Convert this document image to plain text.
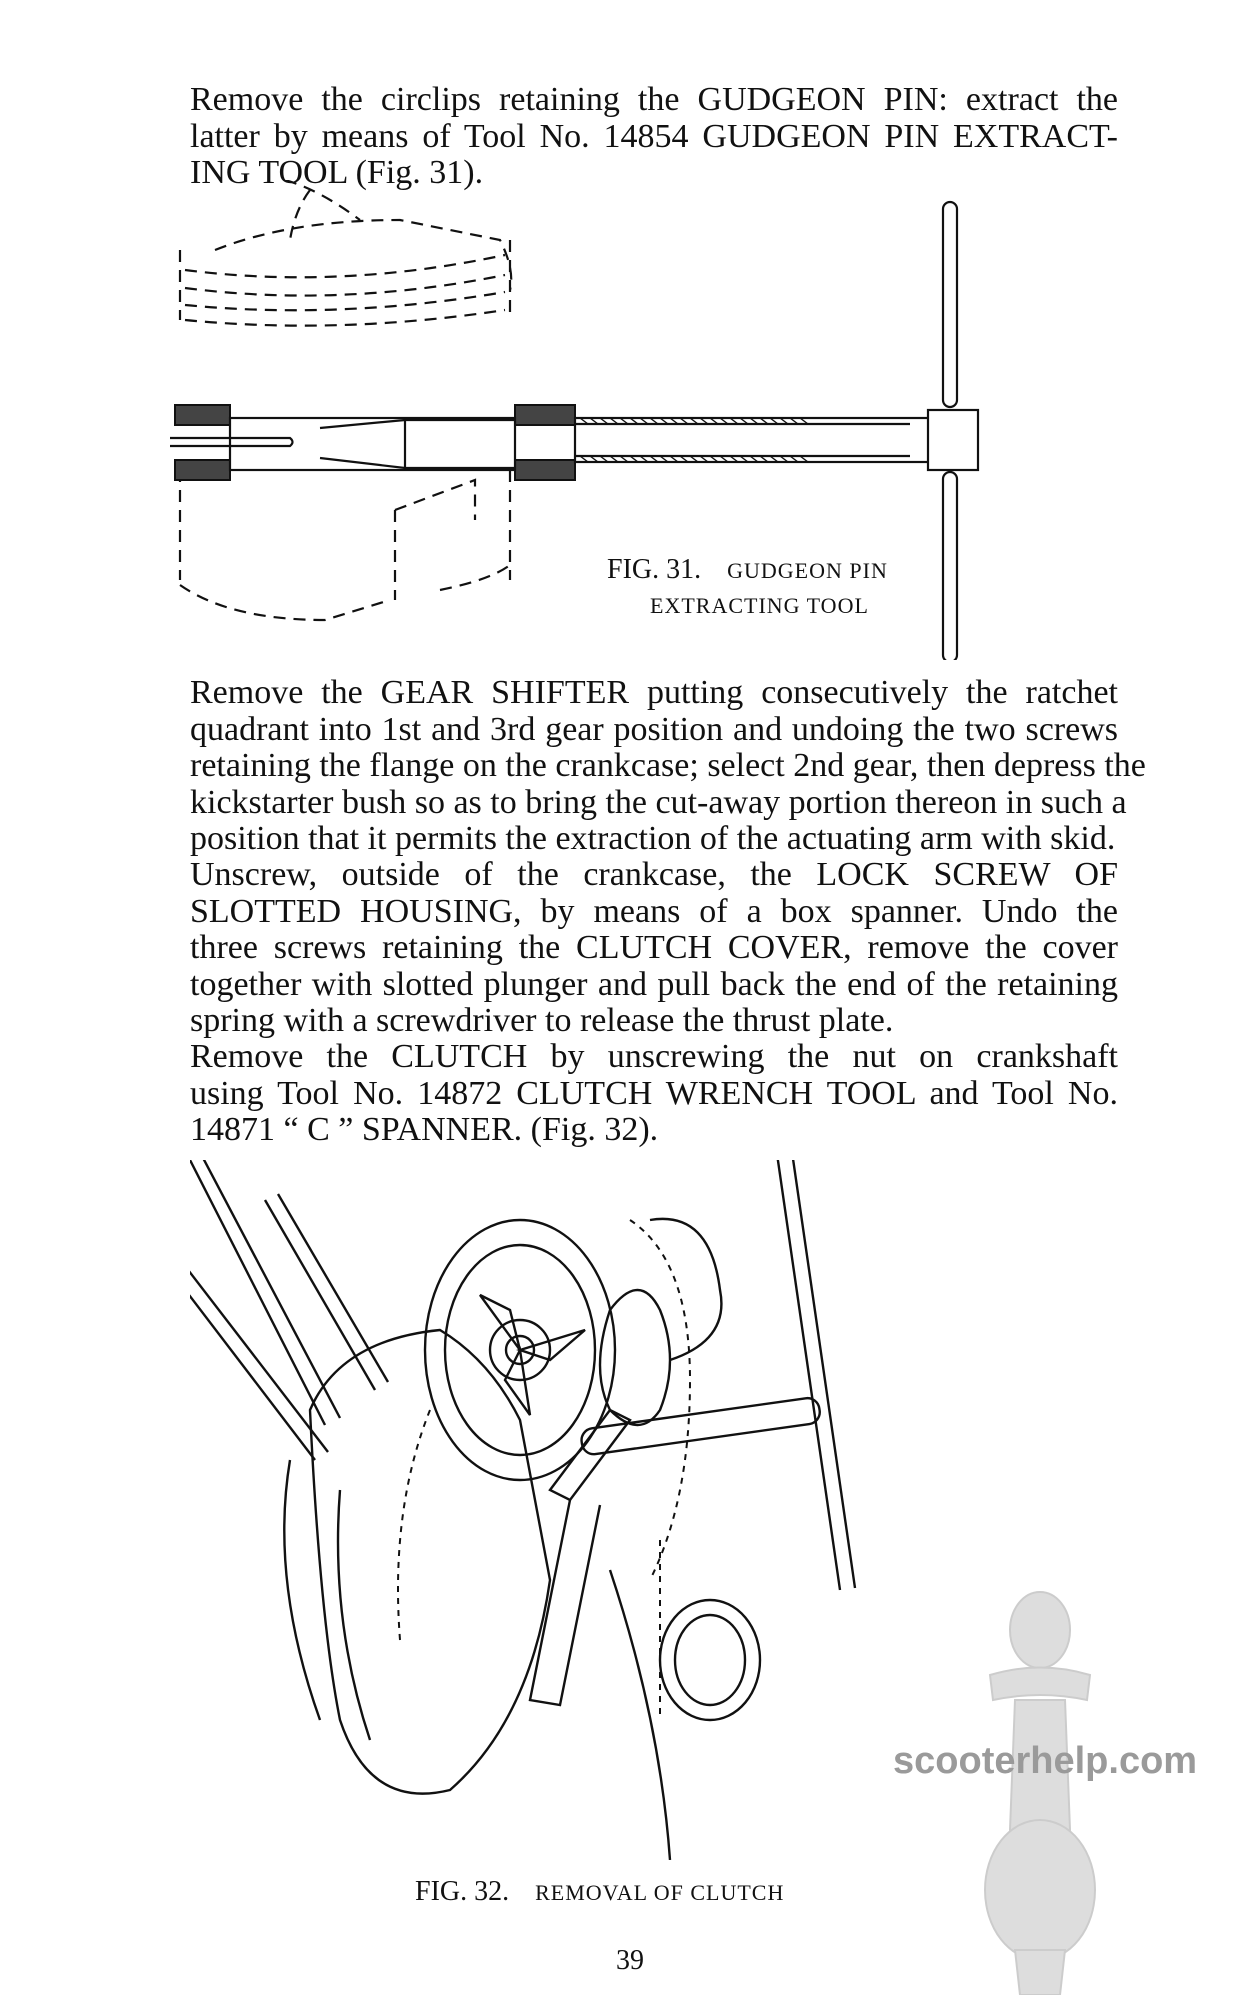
Remove the circlips retaining the GUDGEON PIN: extract the
latter by means of Tool No. 14854 GUDGEON PIN EXTRACT-
ING TOOL (Fig. 31).
FIG. 31. GUDGEON PIN
EXTRACTING TOOL
Remove the GEAR SHIFTER putting consecutively the ratchet
quadrant into 1st and 3rd gear position and undoing the two screws
retaining the flange on the crankcase; select 2nd gear, then depress the
kickstarter bush so as to bring the cut-away portion thereon in such a
position that it permits the extraction of the actuating arm with skid.
Unscrew, outside of the crankcase, the LOCK SCREW OF
SLOTTED HOUSING, by means of a box spanner. Undo the
three screws retaining the CLUTCH COVER, remove the cover
together with slotted plunger and pull back the end of the retaining
spring with a screwdriver to release the thrust plate.
Remove the CLUTCH by unscrewing the nut on crankshaft
using Tool No. 14872 CLUTCH WRENCH TOOL and Tool No.
14871 “ C ” SPANNER. (Fig. 32).
FIG. 32. REMOVAL OF CLUTCH
scooterhelp.com
39
